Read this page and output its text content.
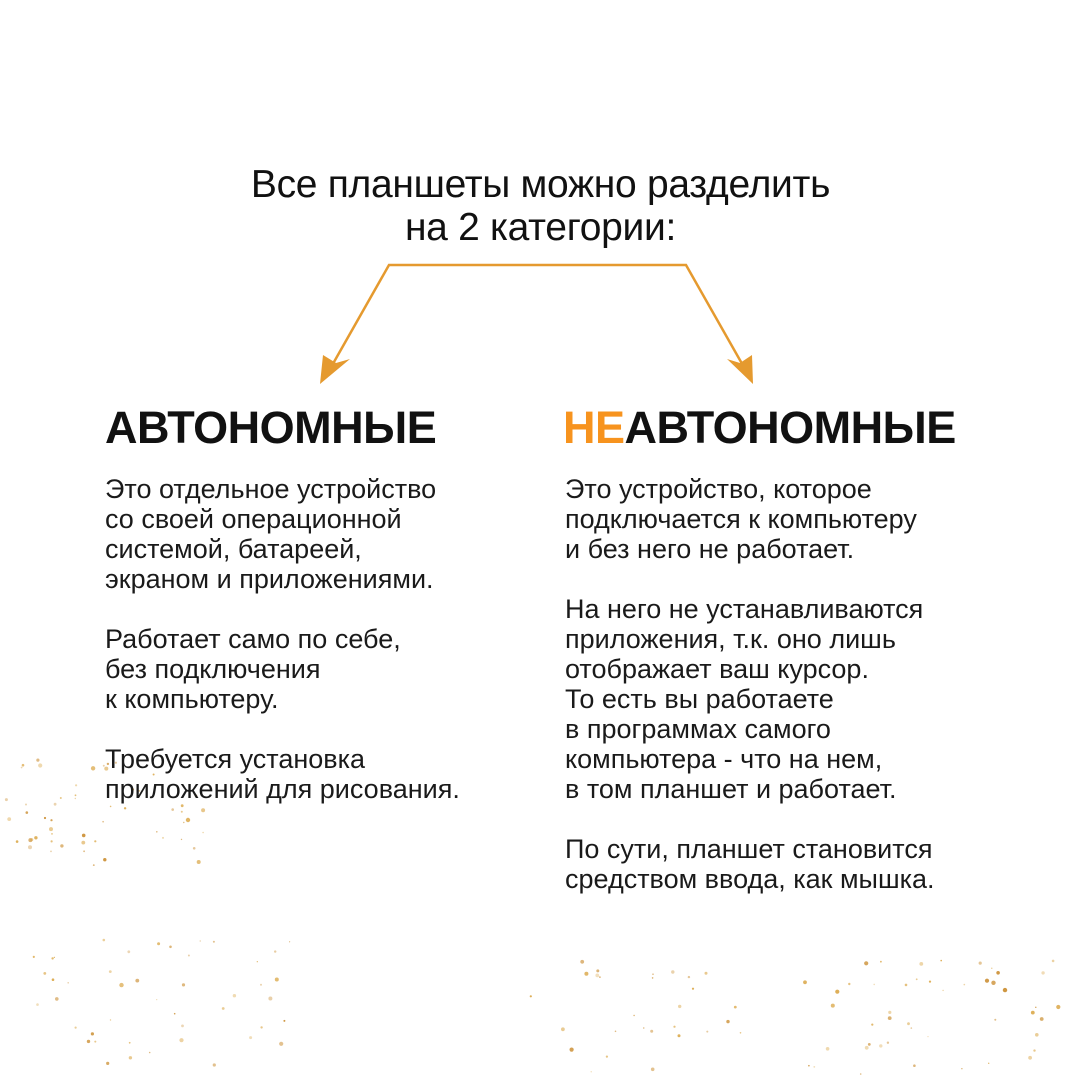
Все планшеты можно разделить
на 2 категории:
АВТОНОМНЫЕ	НЕАВТОНОМНЫЕ
Это отдельное устройство
со своей операционной
системой, батареей,
экраном и приложениями.
Работает само по себе,
без подключения
к компьютеру.
Требуется установка
приложений для рисования.
Это устройство, которое
подключается к компьютеру
и без него не работает.
На него не устанавливаются
приложения, т.к. оно лишь
отображает ваш курсор.
То есть вы работаете
в программах самого
компьютера - что на нем,
в том планшет и работает.
По сути, планшет становится
средством ввода, как мышка.
